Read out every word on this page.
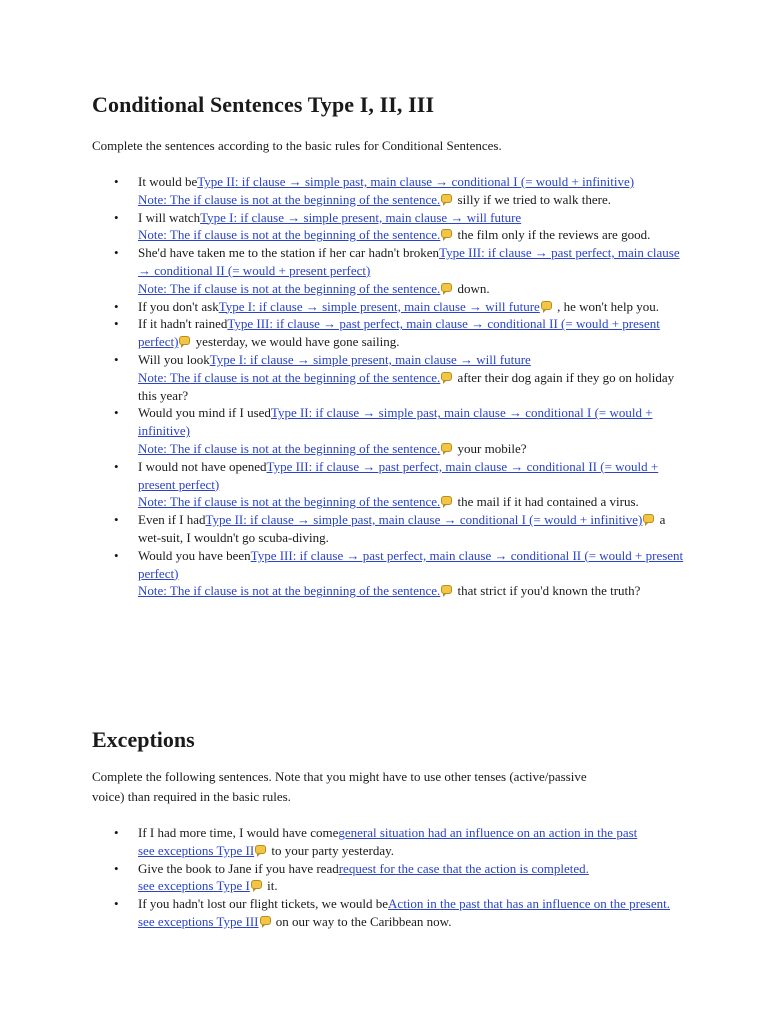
Conditional Sentences Type I, II, III

Complete the sentences according to the basic rules for Conditional Sentences.

• It would beType II: if clause → simple past, main clause → conditional I (= would + infinitive)
Note: The if clause is not at the beginning of the sentence. silly if we tried to walk there.
• I will watchType I: if clause → simple present, main clause → will future
Note: The if clause is not at the beginning of the sentence. the film only if the reviews are good.
• She'd have taken me to the station if her car hadn't brokenType III: if clause → past perfect, main clause → conditional II (= would + present perfect)
Note: The if clause is not at the beginning of the sentence. down.
• If you don't askType I: if clause → simple present, main clause → will future , he won't help you.
• If it hadn't rainedType III: if clause → past perfect, main clause → conditional II (= would + present perfect) yesterday, we would have gone sailing.
• Will you lookType I: if clause → simple present, main clause → will future
Note: The if clause is not at the beginning of the sentence. after their dog again if they go on holiday this year?
• Would you mind if I usedType II: if clause → simple past, main clause → conditional I (= would + infinitive)
Note: The if clause is not at the beginning of the sentence. your mobile?
• I would not have openedType III: if clause → past perfect, main clause → conditional II (= would + present perfect)
Note: The if clause is not at the beginning of the sentence. the mail if it had contained a virus.
• Even if I hadType II: if clause → simple past, main clause → conditional I (= would + infinitive) a wet-suit, I wouldn't go scuba-diving.
• Would you have beenType III: if clause → past perfect, main clause → conditional II (= would + present perfect)
Note: The if clause is not at the beginning of the sentence. that strict if you'd known the truth?
Exceptions

Complete the following sentences. Note that you might have to use other tenses (active/passive voice) than required in the basic rules.

• If I had more time, I would have comegeneral situation had an influence on an action in the past
see exceptions Type II to your party yesterday.
• Give the book to Jane if you have readrequest for the case that the action is completed.
see exceptions Type I it.
• If you hadn't lost our flight tickets, we would beAction in the past that has an influence on the present.
see exceptions Type III on our way to the Caribbean now.
